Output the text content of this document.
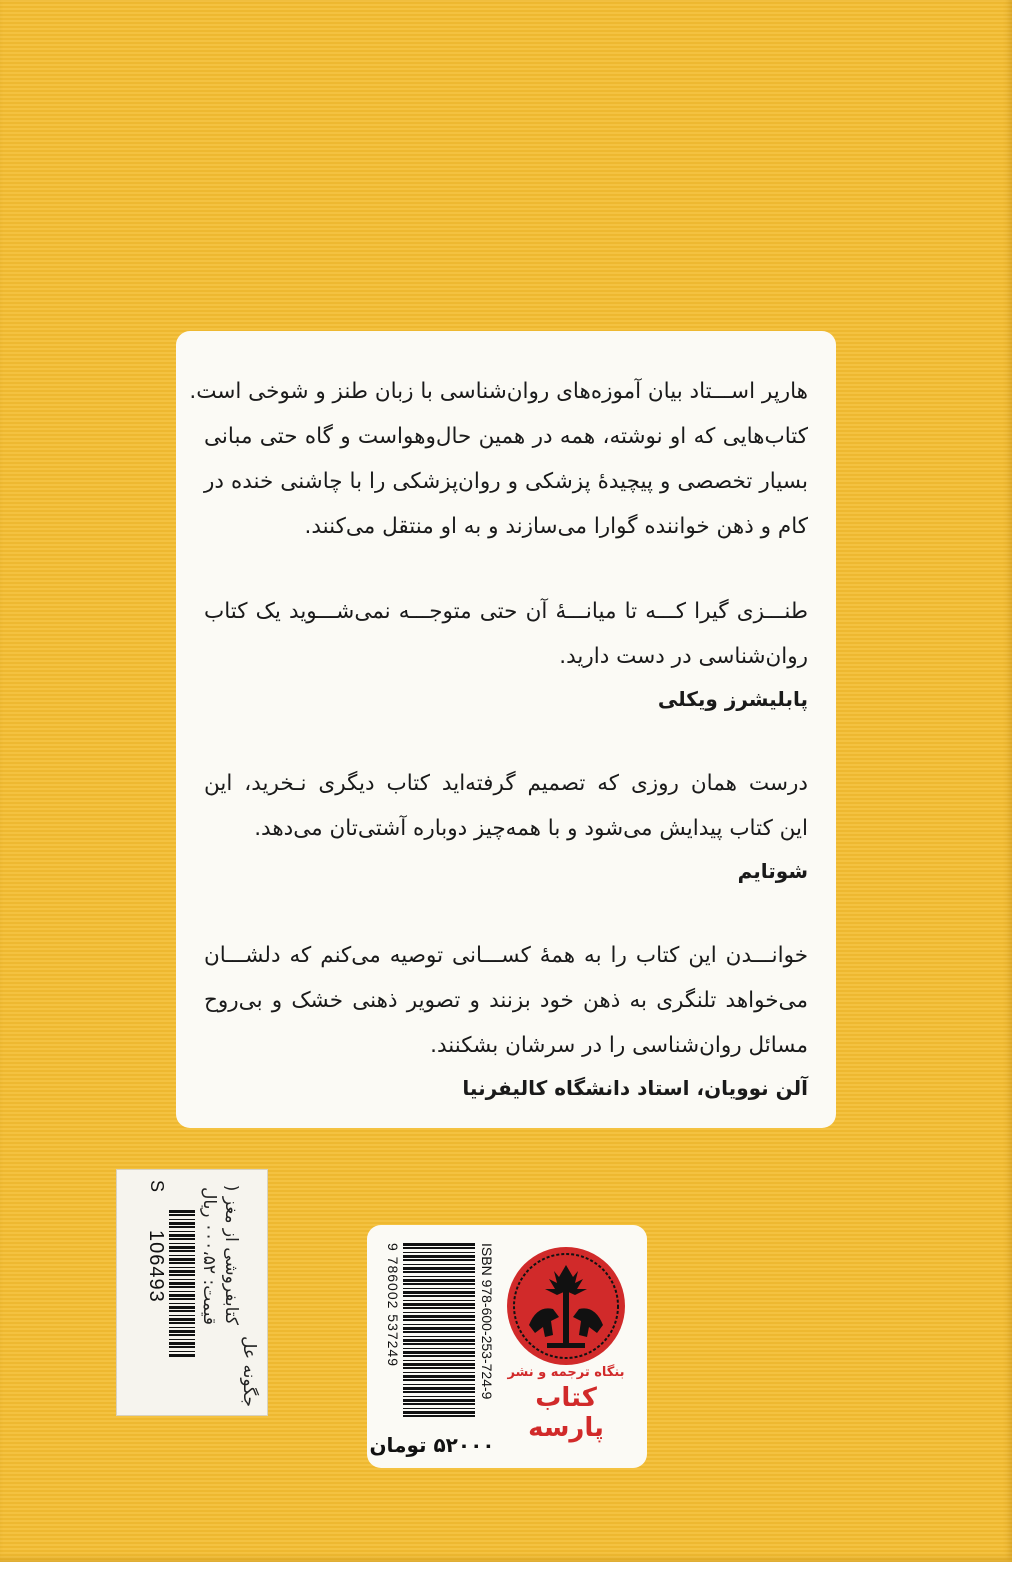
هارپر اســـتاد بیان آموزه‌های روان‌شناسی با زبان طنز و شوخی است.
کتاب‌هایی که او نوشته، همه در همین حال‌وهواست و گاه حتی مبانی
بسیار تخصصی و پیچیدهٔ پزشکی و روان‌پزشکی را با چاشنی خنده در
کام و ذهن خواننده گوارا می‌سازند و به او منتقل می‌کنند.

طنـــزی گیرا کـــه تا میانـــهٔ آن حتی متوجـــه نمی‌شـــوید یک کتاب
روان‌شناسی در دست دارید.

پابلیشرز ویکلی

درست همان روزی که تصمیم گرفته‌اید کتاب دیگری نـخرید، این
این کتاب پیدایش می‌شود و با همه‌چیز دوباره آشتی‌تان می‌دهد.

شوتایم

خوانـــدن این کتاب را به همهٔ کســـانی توصیه می‌کنم که دلشـــان
می‌خواهد تلنگری به ذهن خود بزنند و تصویر ذهنی خشک و بی‌روح
مسائل روان‌شناسی را در سرشان بشکنند.

آلن نوویان، استاد دانشگاه کالیفرنیا

جگونه عل
کتابفروشی از مغز (
قیمت: ۰۰۰،۵۲ ریال
106493
S
بنگاه ترجمه و نشر
کتاب پارسه
ISBN 978-600-253-724-9
9 786002 537249
۵۲۰۰۰ تومان
